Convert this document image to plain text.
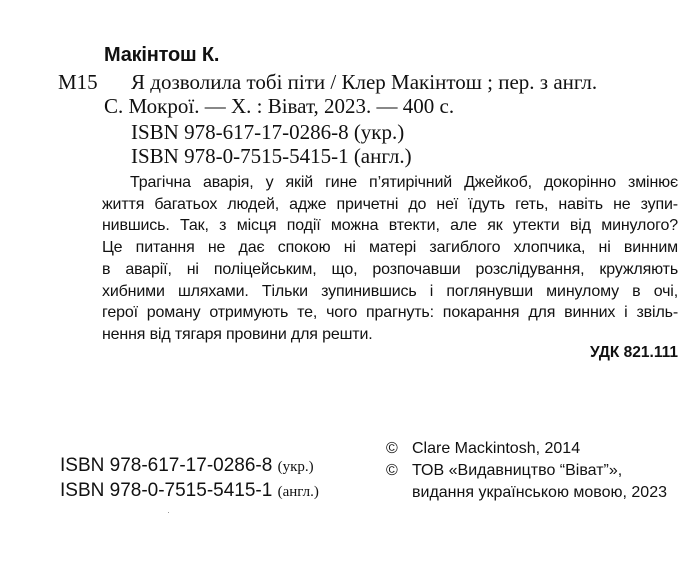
Макінтош К.
М15 Я дозволила тобі піти / Клер Макінтош ; пер. з англ.
С. Мокрої. — Х. : Віват, 2023. — 400 с.
ISBN 978-617-17-0286-8 (укр.)
ISBN 978-0-7515-5415-1 (англ.)
Трагічна аварія, у якій гине п’ятирічний Джейкоб, докорінно змінює
життя багатьох людей, адже причетні до неї їдуть геть, навіть не зупи-
нившись. Так, з місця події можна втекти, але як утекти від минулого?
Це питання не дає спокою ні матері загиблого хлопчика, ні винним
в аварії, ні поліцейським, що, розпочавши розслідування, кружляють
хибними шляхами. Тільки зупинившись і поглянувши минулому в очі,
герої роману отримують те, чого прагнуть: покарання для винних і звіль-
нення від тягаря провини для решти.
УДК 821.111
ISBN 978-617-17-0286-8 (укр.)
ISBN 978-0-7515-5415-1 (англ.)
© Clare Mackintosh, 2014
© ТОВ «Видавництво “Віват”»,
видання українською мовою, 2023
